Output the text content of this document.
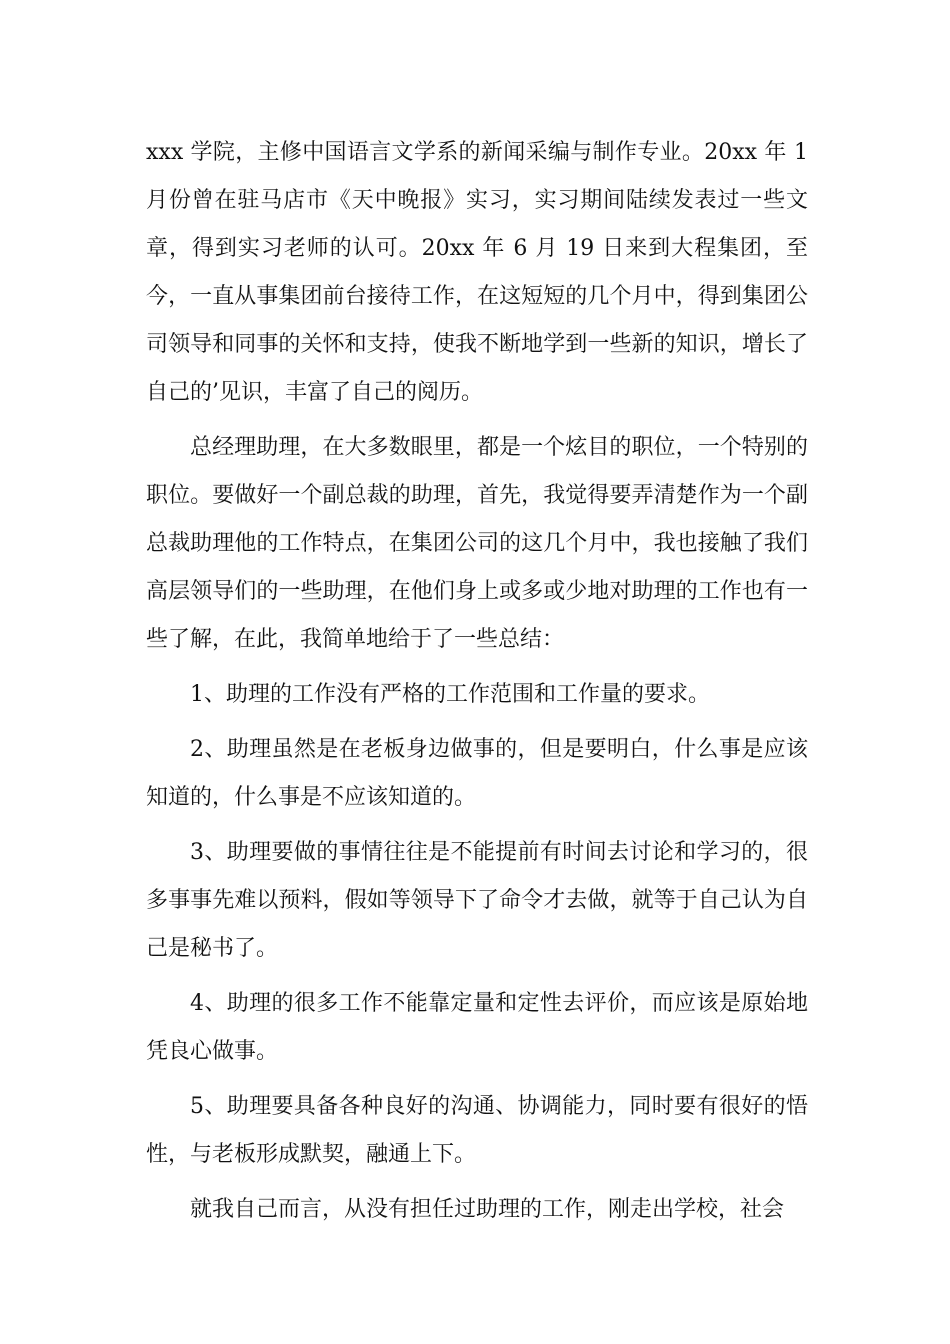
xxx 学院，主修中国语言文学系的新闻采编与制作专业。20xx 年 1 月份曾在驻马店市《天中晚报》实习，实习期间陆续发表过一些文章，得到实习老师的认可。20xx 年 6 月 19 日来到大程集团，至今，一直从事集团前台接待工作，在这短短的几个月中，得到集团公司领导和同事的关怀和支持，使我不断地学到一些新的知识，增长了自己的’见识，丰富了自己的阅历。

总经理助理，在大多数眼里，都是一个炫目的职位，一个特别的职位。要做好一个副总裁的助理，首先，我觉得要弄清楚作为一个副总裁助理他的工作特点，在集团公司的这几个月中，我也接触了我们高层领导们的一些助理，在他们身上或多或少地对助理的工作也有一些了解，在此，我简单地给于了一些总结：

1、助理的工作没有严格的工作范围和工作量的要求。

2、助理虽然是在老板身边做事的，但是要明白，什么事是应该知道的，什么事是不应该知道的。

3、助理要做的事情往往是不能提前有时间去讨论和学习的，很多事事先难以预料，假如等领导下了命令才去做，就等于自己认为自己是秘书了。

4、助理的很多工作不能靠定量和定性去评价，而应该是原始地凭良心做事。

5、助理要具备各种良好的沟通、协调能力，同时要有很好的悟性，与老板形成默契，融通上下。

就我自己而言，从没有担任过助理的工作，刚走出学校，社会
